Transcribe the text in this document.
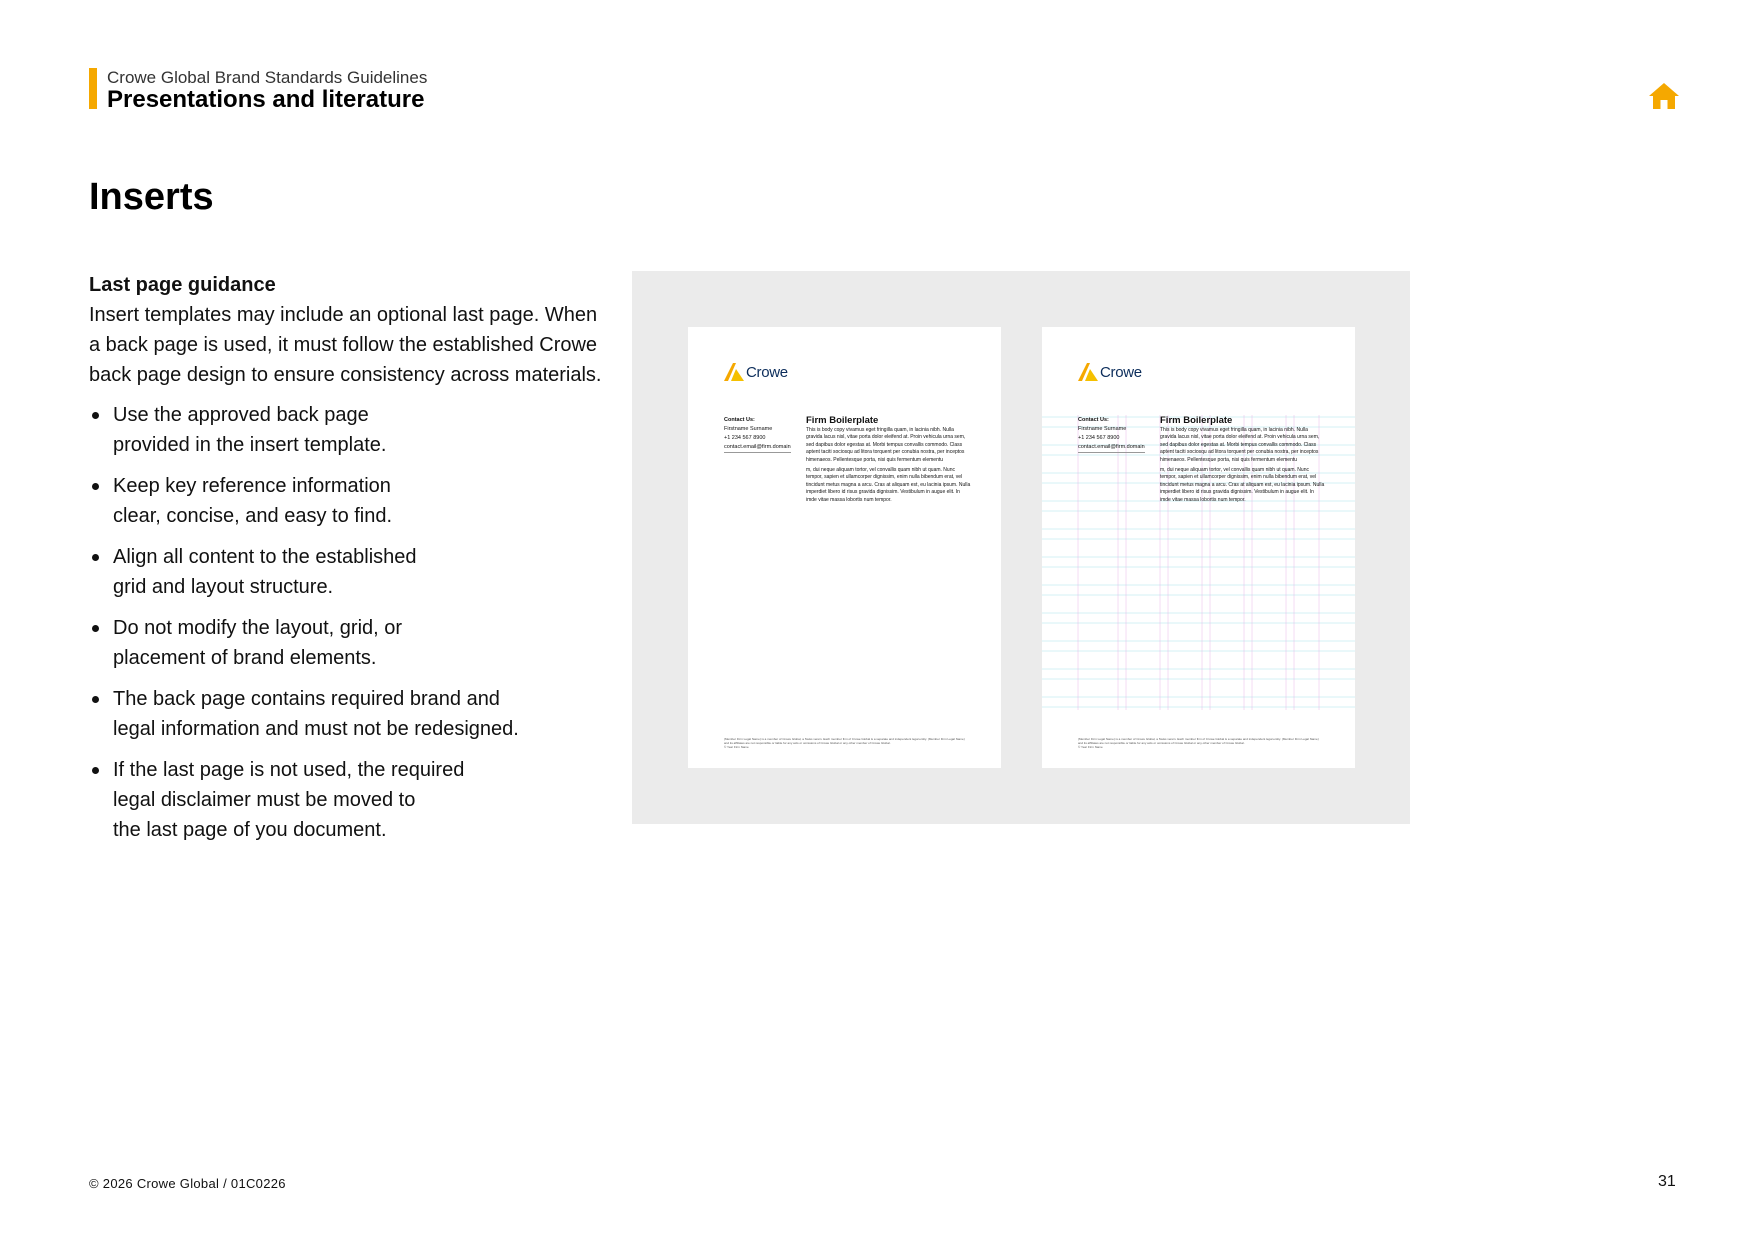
Crowe Global Brand Standards Guidelines
Presentations and literature
Inserts

Last page guidance

Insert templates may include an optional last page. When a back page is used, it must follow the established Crowe back page design to ensure consistency across materials.

Use the approved back page
provided in the insert template.
Keep key reference information
clear, concise, and easy to find.
Align all content to the established
grid and layout structure.
Do not modify the layout, grid, or
placement of brand elements.
The back page contains required brand and
legal information and must not be redesigned.
If the last page is not used, the required
legal disclaimer must be moved to
the last page of you document.
Crowe
Contact Us:
Firstname Surname
+1 234 567 8900
contact.email@firm.domain
Firm Boilerplate

This is body copy vivamus eget fringilla quam, in lacinia nibh. Nulla gravida lacus nisl, vitae porta dolor eleifend at. Proin vehicula urna sem, sed dapibus dolor egestas at. Morbi tempus convallis commodo. Class aptent taciti sociosqu ad litora torquent per conubia nostra, per inceptos himenaeos. Pellentesque porta, nisi quis fermentum elementu

m, dui neque aliquam tortor, vel convallis quam nibh ut quam. Nunc tempor, sapien et ullamcorper dignissim, enim nulla bibendum erat, vel tincidunt metus magna a arcu. Cras at aliquam est, eu lacinia ipsum. Nulla imperdiet libero id risus gravida dignissim. Vestibulum in augue elit. In imde vitae massa lobortis num tempor.

(Member Firm Legal Name) is a member of Crowe Global, a Swiss verein. Each member firm of Crowe Global is a separate and independent legal entity. (Member Firm Legal Name) and its affiliates are not responsible or liable for any acts or omissions of Crowe Global or any other member of Crowe Global.
© Year Firm Name
Crowe
Contact Us:
Firstname Surname
+1 234 567 8900
contact.email@firm.domain
Firm Boilerplate

This is body copy vivamus eget fringilla quam, in lacinia nibh. Nulla gravida lacus nisl, vitae porta dolor eleifend at. Proin vehicula urna sem, sed dapibus dolor egestas at. Morbi tempus convallis commodo. Class aptent taciti sociosqu ad litora torquent per conubia nostra, per inceptos himenaeos. Pellentesque porta, nisi quis fermentum elementu

m, dui neque aliquam tortor, vel convallis quam nibh ut quam. Nunc tempor, sapien et ullamcorper dignissim, enim nulla bibendum erat, vel tincidunt metus magna a arcu. Cras at aliquam est, eu lacinia ipsum. Nulla imperdiet libero id risus gravida dignissim. Vestibulum in augue elit. In imde vitae massa lobortis num tempor.

(Member Firm Legal Name) is a member of Crowe Global, a Swiss verein. Each member firm of Crowe Global is a separate and independent legal entity. (Member Firm Legal Name) and its affiliates are not responsible or liable for any acts or omissions of Crowe Global or any other member of Crowe Global.
© Year Firm Name
© 2026 Crowe Global / 01C0226	31
